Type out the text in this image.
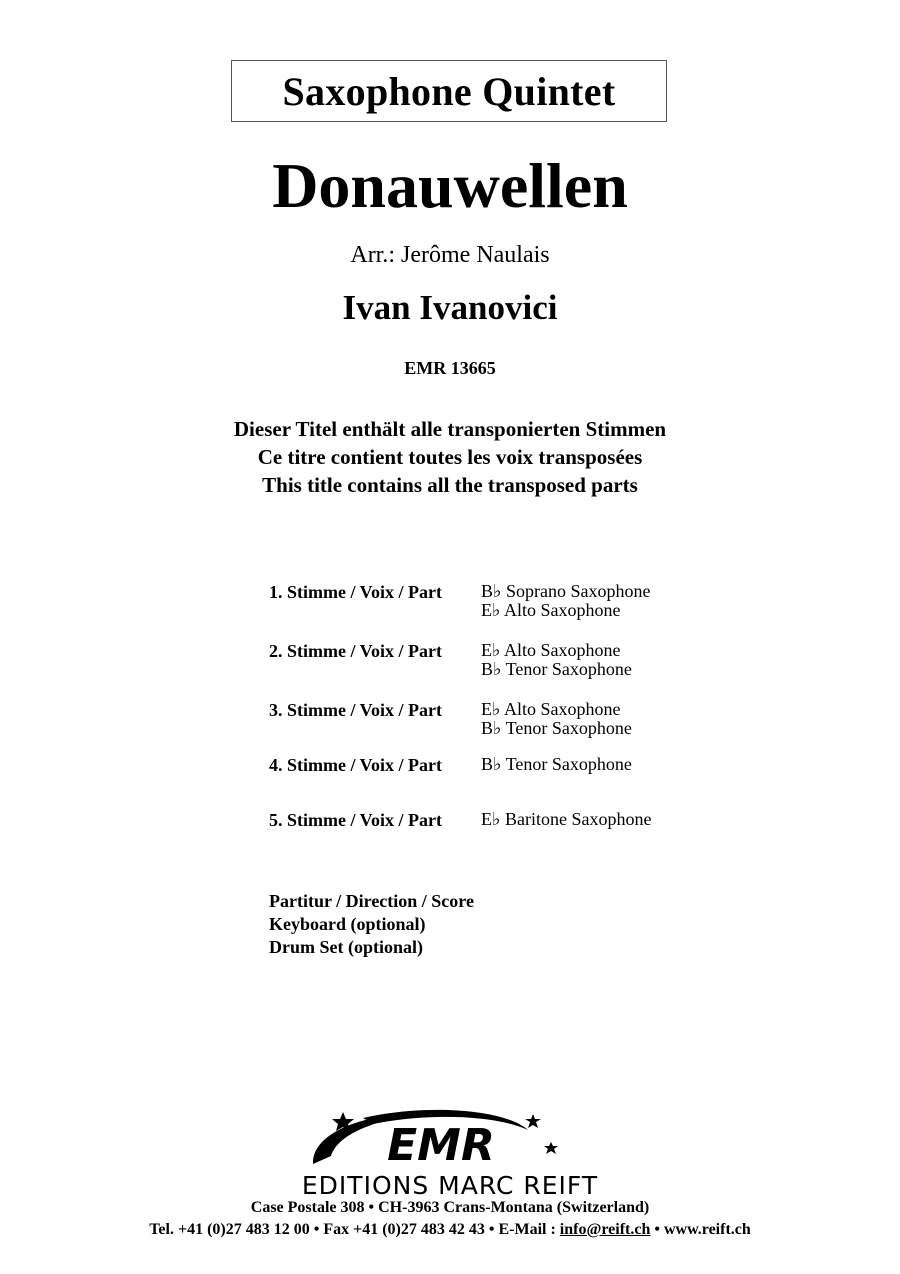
Saxophone Quintet
Donauwellen
Arr.: Jerôme Naulais
Ivan Ivanovici
EMR 13665
Dieser Titel enthält alle transponierten Stimmen
Ce titre contient toutes les voix transposées
This title contains all the transposed parts
1. Stimme / Voix / Part B♭ Soprano Saxophone
E♭ Alto Saxophone
2. Stimme / Voix / Part E♭ Alto Saxophone
B♭ Tenor Saxophone
3. Stimme / Voix / Part E♭ Alto Saxophone
B♭ Tenor Saxophone
4. Stimme / Voix / Part B♭ Tenor Saxophone
5. Stimme / Voix / Part E♭ Baritone Saxophone
Partitur / Direction / Score
Keyboard (optional)
Drum Set (optional)
EMR
EDITIONS MARC REIFT
Case Postale 308 • CH-3963 Crans-Montana (Switzerland)
Tel. +41 (0)27 483 12 00 • Fax +41 (0)27 483 42 43 • E-Mail : info@reift.ch • www.reift.ch
